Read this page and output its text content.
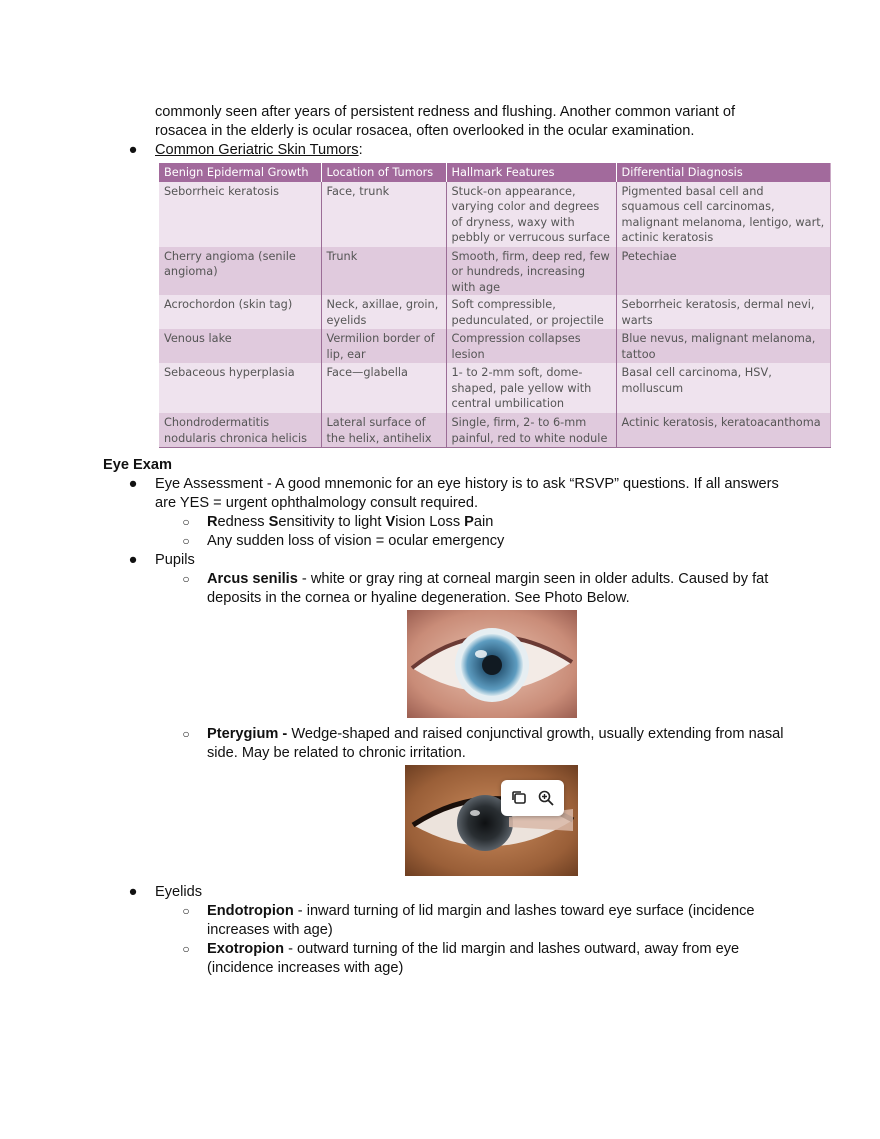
commonly seen after years of persistent redness and flushing. Another common variant of
rosacea in the elderly is ocular rosacea, often overlooked in the ocular examination.
● Common Geriatric Skin Tumors:
Benign Epidermal Growth	Location of Tumors	Hallmark Features	Differential Diagnosis
Seborrheic keratosis	Face, trunk	Stuck-on appearance, varying color and degrees of dryness, waxy with pebbly or verrucous surface	Pigmented basal cell and squamous cell carcinomas, malignant melanoma, lentigo, wart, actinic keratosis
Cherry angioma (senile angioma)	Trunk	Smooth, firm, deep red, few or hundreds, increasing with age	Petechiae
Acrochordon (skin tag)	Neck, axillae, groin, eyelids	Soft compressible, pedunculated, or projectile	Seborrheic keratosis, dermal nevi, warts
Venous lake	Vermilion border of lip, ear	Compression collapses lesion	Blue nevus, malignant melanoma, tattoo
Sebaceous hyperplasia	Face—glabella	1- to 2-mm soft, dome-shaped, pale yellow with central umbilication	Basal cell carcinoma, HSV, molluscum
Chondrodermatitis nodularis chronica helicis	Lateral surface of the helix, antihelix	Single, firm, 2- to 6-mm painful, red to white nodule	Actinic keratosis, keratoacanthoma
Eye Exam
● Eye Assessment - A good mnemonic for an eye history is to ask “RSVP” questions. If all answers
are YES = urgent ophthalmology consult required.
○ Redness Sensitivity to light Vision Loss Pain
○ Any sudden loss of vision = ocular emergency
● Pupils
○ Arcus senilis - white or gray ring at corneal margin seen in older adults. Caused by fat
deposits in the cornea or hyaline degeneration. See Photo Below.
○ Pterygium - Wedge-shaped and raised conjunctival growth, usually extending from nasal
side. May be related to chronic irritation.
● Eyelids
○ Endotropion - inward turning of lid margin and lashes toward eye surface (incidence
increases with age)
○ Exotropion - outward turning of the lid margin and lashes outward, away from eye
(incidence increases with age)
